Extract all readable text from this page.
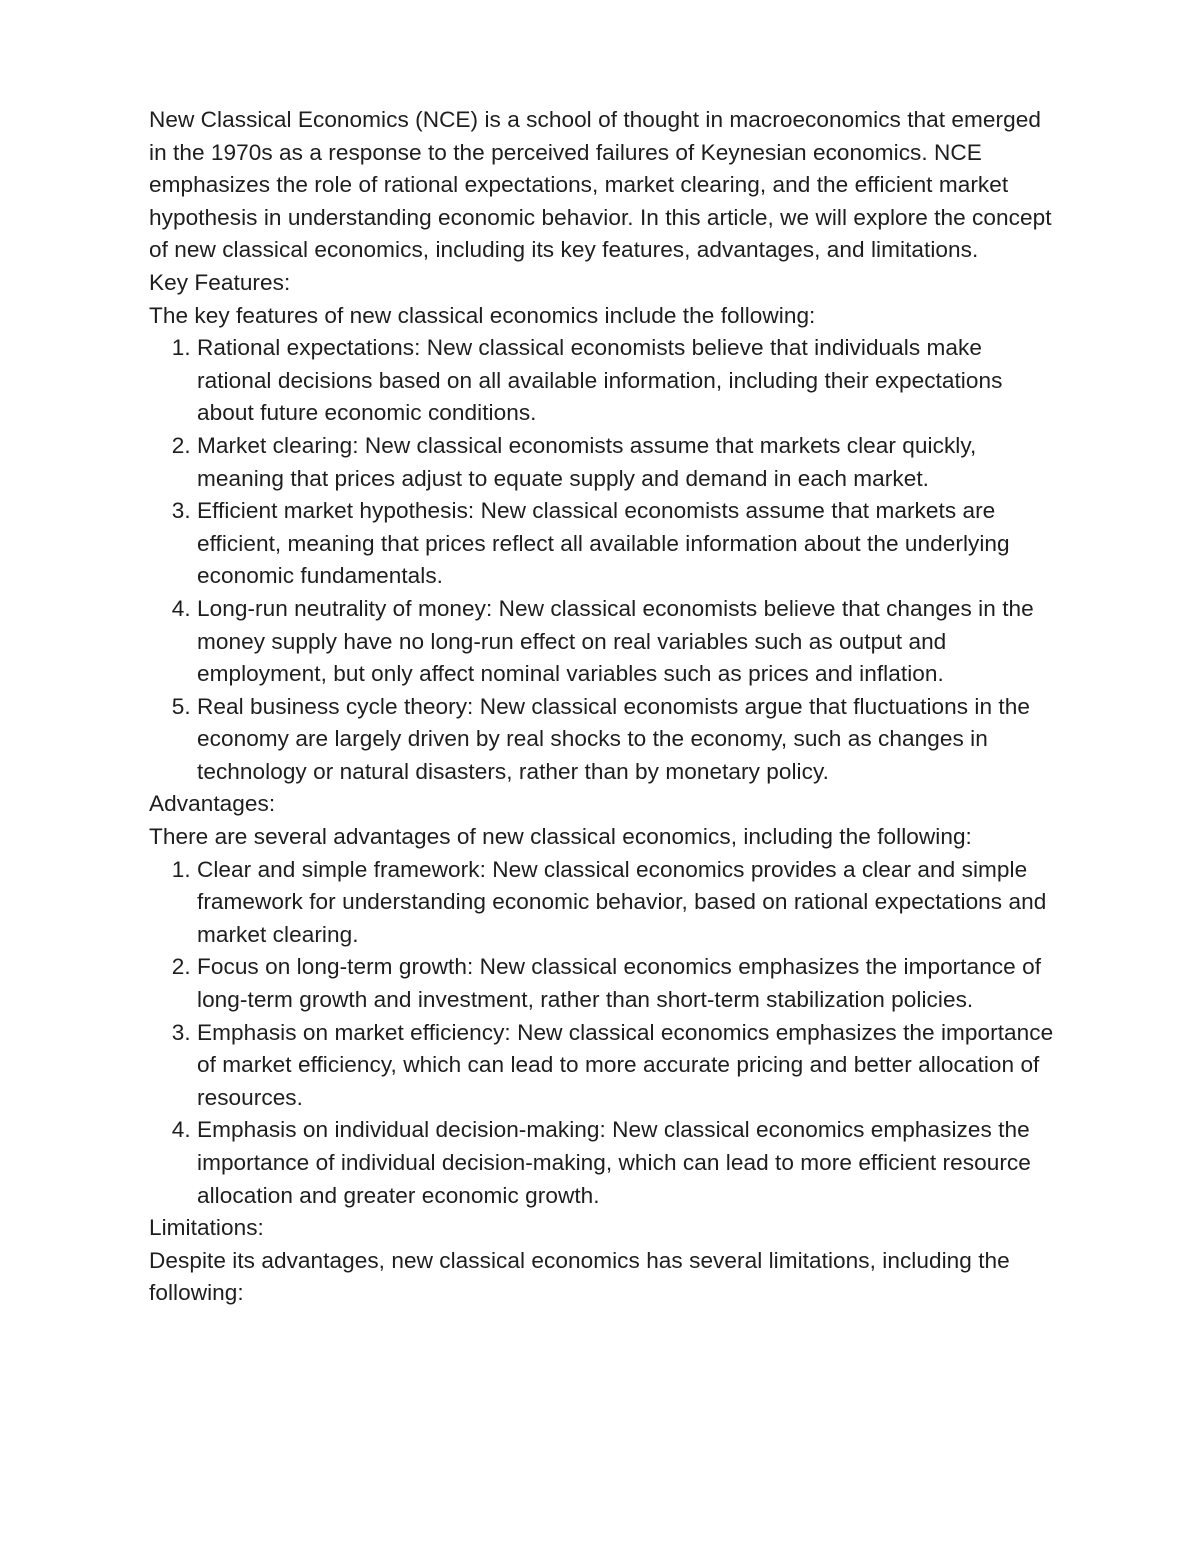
New Classical Economics (NCE) is a school of thought in macroeconomics that emerged in the 1970s as a response to the perceived failures of Keynesian economics. NCE emphasizes the role of rational expectations, market clearing, and the efficient market hypothesis in understanding economic behavior. In this article, we will explore the concept of new classical economics, including its key features, advantages, and limitations.

Key Features:

The key features of new classical economics include the following:

1. Rational expectations: New classical economists believe that individuals make rational decisions based on all available information, including their expectations about future economic conditions.
2. Market clearing: New classical economists assume that markets clear quickly, meaning that prices adjust to equate supply and demand in each market.
3. Efficient market hypothesis: New classical economists assume that markets are efficient, meaning that prices reflect all available information about the underlying economic fundamentals.
4. Long-run neutrality of money: New classical economists believe that changes in the money supply have no long-run effect on real variables such as output and employment, but only affect nominal variables such as prices and inflation.
5. Real business cycle theory: New classical economists argue that fluctuations in the economy are largely driven by real shocks to the economy, such as changes in technology or natural disasters, rather than by monetary policy.

Advantages:

There are several advantages of new classical economics, including the following:

1. Clear and simple framework: New classical economics provides a clear and simple framework for understanding economic behavior, based on rational expectations and market clearing.
2. Focus on long-term growth: New classical economics emphasizes the importance of long-term growth and investment, rather than short-term stabilization policies.
3. Emphasis on market efficiency: New classical economics emphasizes the importance of market efficiency, which can lead to more accurate pricing and better allocation of resources.
4. Emphasis on individual decision-making: New classical economics emphasizes the importance of individual decision-making, which can lead to more efficient resource allocation and greater economic growth.

Limitations:

Despite its advantages, new classical economics has several limitations, including the following:
